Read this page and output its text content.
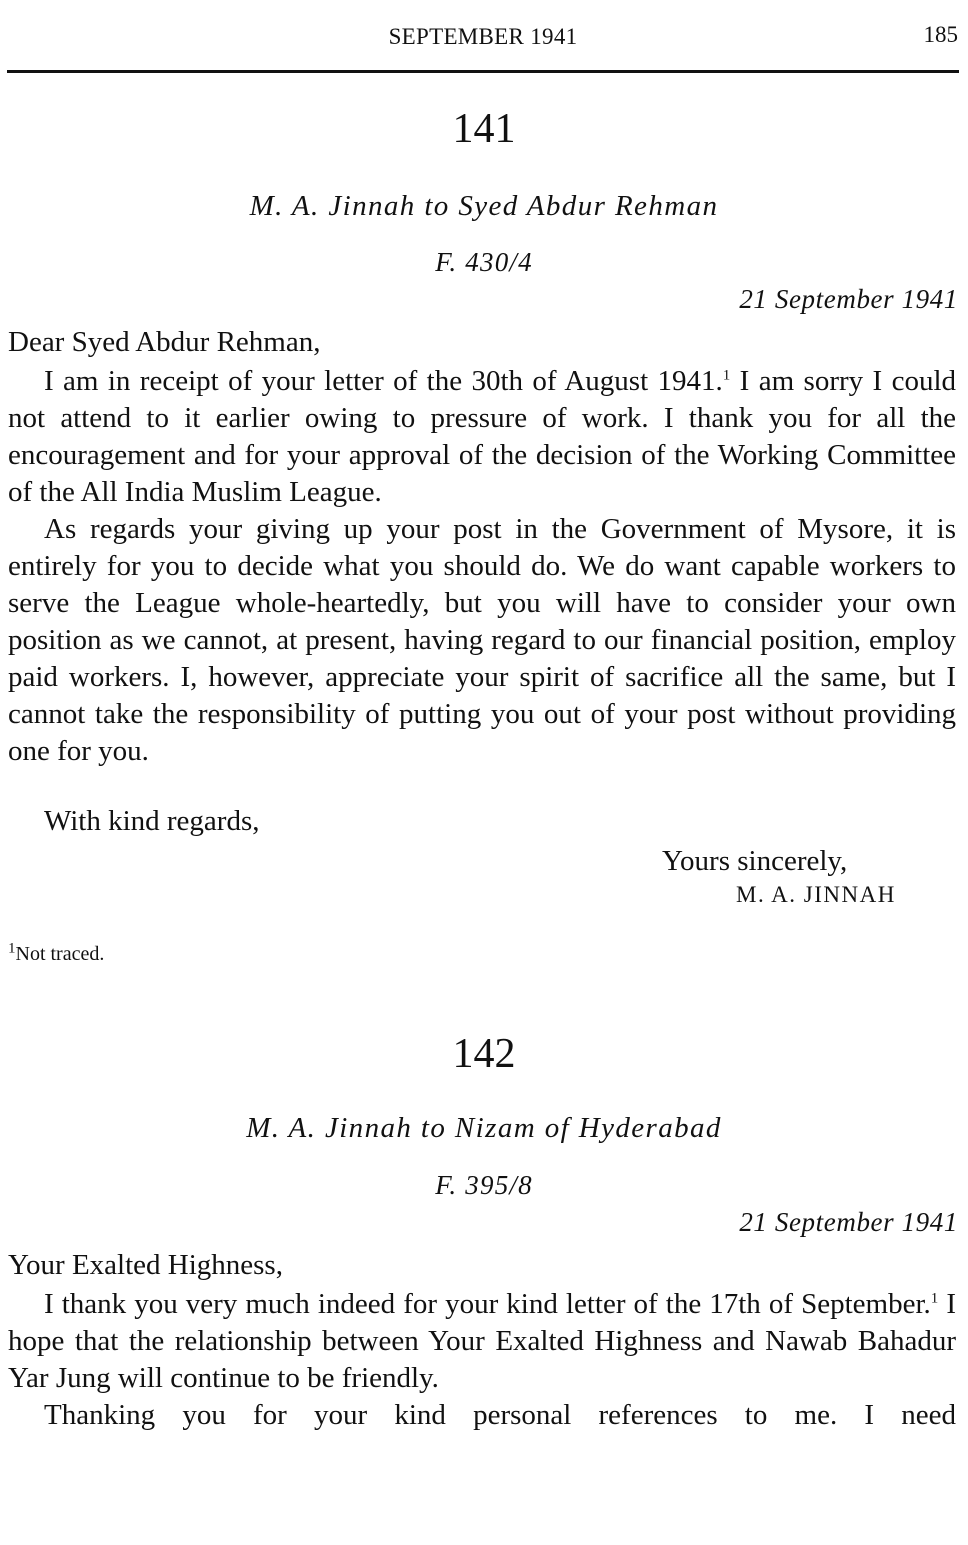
SEPTEMBER 1941	185
141
M. A. Jinnah to Syed Abdur Rehman
F. 430/4
21 September 1941
Dear Syed Abdur Rehman,

I am in receipt of your letter of the 30th of August 1941.$^1$ I am sorry I could not attend to it earlier owing to pressure of work. I thank you for all the encouragement and for your approval of the decision of the Working Committee of the All India Muslim League.

As regards your giving up your post in the Government of Mysore, it is entirely for you to decide what you should do. We do want capable workers to serve the League whole-heartedly, but you will have to consider your own position as we cannot, at present, having regard to our financial position, employ paid workers. I, however, appreciate your spirit of sacrifice all the same, but I cannot take the responsibility of putting you out of your post without providing one for you.

With kind regards,
Yours sincerely,
M. A. JINNAH
$^1$Not traced.
142
M. A. Jinnah to Nizam of Hyderabad
F. 395/8
21 September 1941
Your Exalted Highness,

I thank you very much indeed for your kind letter of the 17th of September.$^1$ I hope that the relationship between Your Exalted Highness and Nawab Bahadur Yar Jung will continue to be friendly.

Thanking you for your kind personal references to me. I need
